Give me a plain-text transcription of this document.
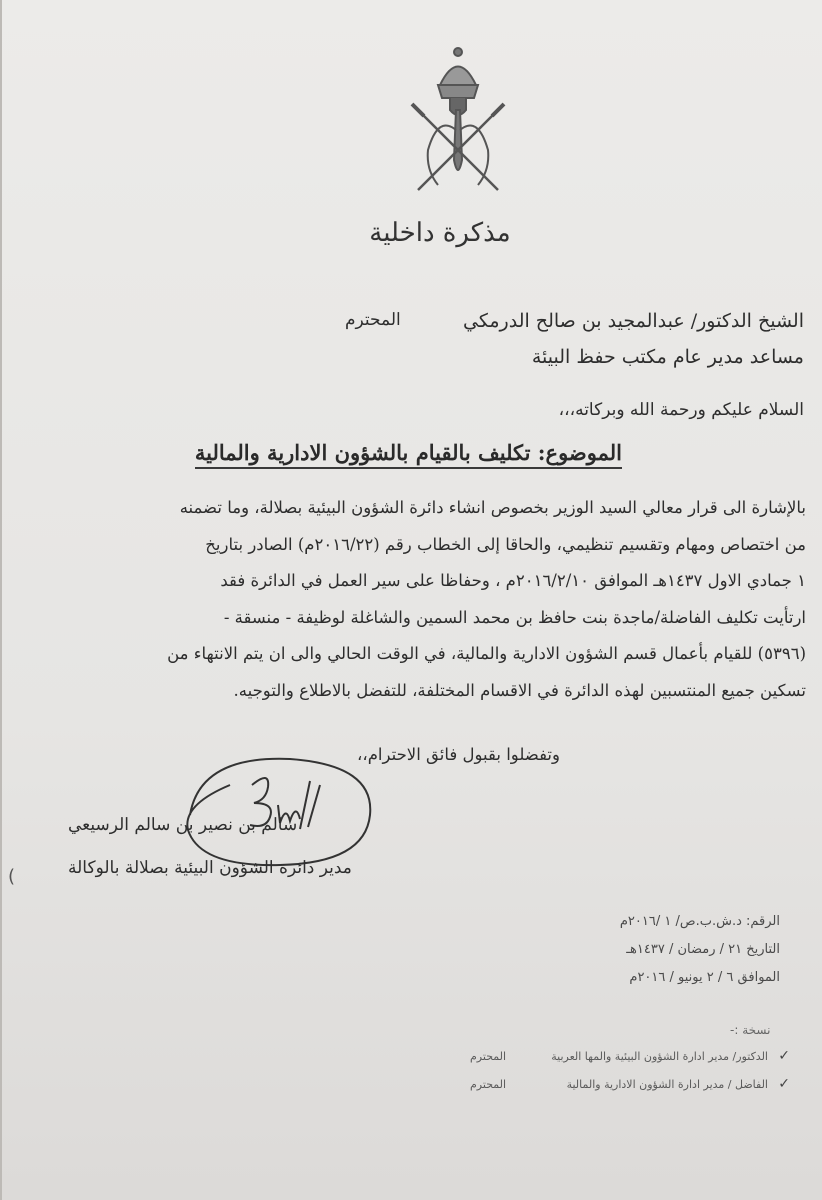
مذكرة داخلية
الشيخ الدكتور/ عبدالمجيد بن صالح الدرمكي
المحترم
مساعد مدير عام مكتب حفظ البيئة
السلام عليكم ورحمة الله وبركاته،،،
الموضوع: تكليف بالقيام بالشؤون الادارية والمالية
بالإشارة الى قرار معالي السيد الوزير بخصوص انشاء دائرة الشؤون البيئية بصلالة، وما تضمنه
من اختصاص ومهام وتقسيم تنظيمي، والحاقا إلى الخطاب رقم (٢٠١٦/٢٢م) الصادر بتاريخ
١ جمادي الاول ١٤٣٧هـ الموافق ٢٠١٦/٢/١٠م ، وحفاظا على سير العمل في الدائرة فقد
ارتأيت تكليف الفاضلة/ماجدة بنت حافظ بن محمد السمين والشاغلة لوظيفة - منسقة -
(٥٣٩٦) للقيام بأعمال قسم الشؤون الادارية والمالية، في الوقت الحالي والى ان يتم الانتهاء من
تسكين جميع المنتسبين لهذه الدائرة في الاقسام المختلفة، للتفضل بالاطلاع والتوجيه.
وتفضلوا بقبول فائق الاحترام،،
سالم بن نصير بن سالم الرسيعي
مدير دائرة الشؤون البيئية بصلالة بالوكالة
(
الرقم: د.ش.ب.ص/ ١ /٢٠١٦م
التاريخ ٢١ / رمضان / ١٤٣٧هـ
الموافق ٦ / ٢ يونيو / ٢٠١٦م
نسخة :-
✓
الدكتور/ مدير ادارة الشؤون البيئية والمها العربية
المحترم
✓
الفاضل / مدير ادارة الشؤون الادارية والمالية
المحترم
